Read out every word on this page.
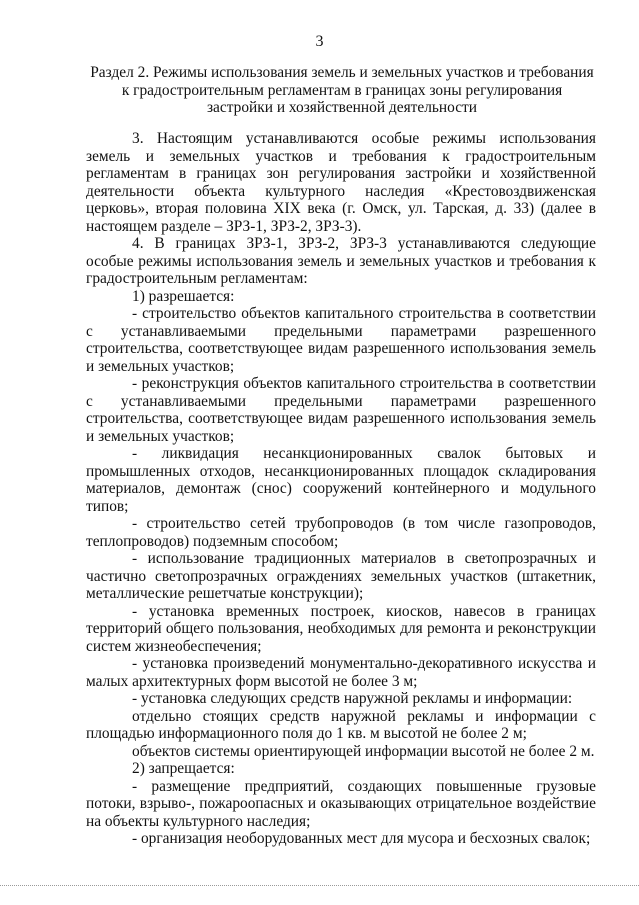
3
Раздел 2. Режимы использования земель и земельных участков и требования к градостроительным регламентам в границах зоны регулирования застройки и хозяйственной деятельности

3. Настоящим устанавливаются особые режимы использования земель и земельных участков и требования к градостроительным регламентам в границах зон регулирования застройки и хозяйственной деятельности объекта культурного наследия «Крестовоздвиженская церковь», вторая половина XIX века (г. Омск, ул. Тарская, д. 33) (далее в настоящем разделе – ЗРЗ-1, ЗРЗ-2, ЗРЗ-3).

4. В границах ЗРЗ-1, ЗРЗ-2, ЗРЗ-3 устанавливаются следующие особые режимы использования земель и земельных участков и требования к градостроительным регламентам:

1) разрешается:

- строительство объектов капитального строительства в соответствии с устанавливаемыми предельными параметрами разрешенного строительства, соответствующее видам разрешенного использования земель и земельных участков;

- реконструкция объектов капитального строительства в соответствии с устанавливаемыми предельными параметрами разрешенного строительства, соответствующее видам разрешенного использования земель и земельных участков;

- ликвидация несанкционированных свалок бытовых и промышленных отходов, несанкционированных площадок складирования материалов, демонтаж (снос) сооружений контейнерного и модульного типов;

- строительство сетей трубопроводов (в том числе газопроводов, теплопроводов) подземным способом;

- использование традиционных материалов в светопрозрачных и частично светопрозрачных ограждениях земельных участков (штакетник, металлические решетчатые конструкции);

- установка временных построек, киосков, навесов в границах территорий общего пользования, необходимых для ремонта и реконструкции систем жизнеобеспечения;

- установка произведений монументально-декоративного искусства и малых архитектурных форм высотой не более 3 м;

- установка следующих средств наружной рекламы и информации:

отдельно стоящих средств наружной рекламы и информации с площадью информационного поля до 1 кв. м высотой не более 2 м;

объектов системы ориентирующей информации высотой не более 2 м.

2) запрещается:

- размещение предприятий, создающих повышенные грузовые потоки, взрыво-, пожароопасных и оказывающих отрицательное воздействие на объекты культурного наследия;

- организация необорудованных мест для мусора и бесхозных свалок;
